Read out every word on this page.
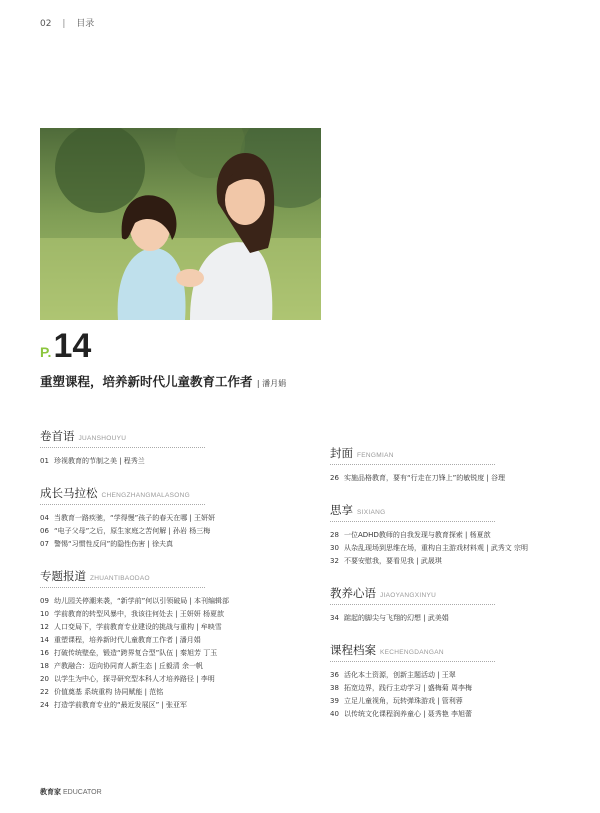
02 | 目录
P.14
重塑课程，培养新时代儿童教育工作者 | 潘月娟
卷首语 JUANSHOUYU
01 珍视教育的节制之美 | 程秀兰
成长马拉松 CHENGZHANGMALASONG
04 当教育一路疾驰，“学得慢”孩子的春天在哪 | 王妍妍
06 “电子父母”之后，原生家庭之苦何解 | 孙岩 杨三梅
07 警惕“习惯性反问”的隐性伤害 | 徐夫真
专题报道 ZHUANTIBAODAO
09 幼儿园关停潮来袭，“新学前”何以引领破局 | 本刊编辑部
10 学前教育的转型风暴中，我该往何处去 | 王妍妍 杨夏歆
12 人口变局下，学前教育专业建设的挑战与重构 | 牟映雪
14 重塑课程，培养新时代儿童教育工作者 | 潘月娟
16 打破传统壁垒，锻造“跨界复合型”队伍 | 秦旭芳 丁玉
18 产教融合：迈向协同育人新生态 | 丘毅清 余一帆
20 以学生为中心，探寻研究型本科人才培养路径 | 李明
22 价值奠基 系统重构 协同赋能 | 范铭
24 打造学前教育专业的“最近发展区” | 张亚军
封面 FENGMIAN
26 实施品格教育，要有“行走在刀锋上”的敏锐度 | 谷理
思享 SIXIANG
28 一位ADHD教师的自我发现与教育探索 | 杨夏歆
30 从杂乱现场到思维在场，重构自主游戏材料观 | 武秀文 宗明
32 不要安慰我，要看见我 | 武晟琪
教养心语 JIAOYANGXINYU
34 踮起的脚尖与飞翔的幻想 | 武美娟
课程档案 KECHENGDANGAN
36 活化本土资源，创新主题活动 | 王翠
38 拓宽边界，践行主动学习 | 盛梅菊 周李梅
39 立足儿童视角，玩转弹珠游戏 | 管利蓉
40 以传统文化课程润养童心 | 聂秀艳 李旭蕾
教育家 EDUCATOR
